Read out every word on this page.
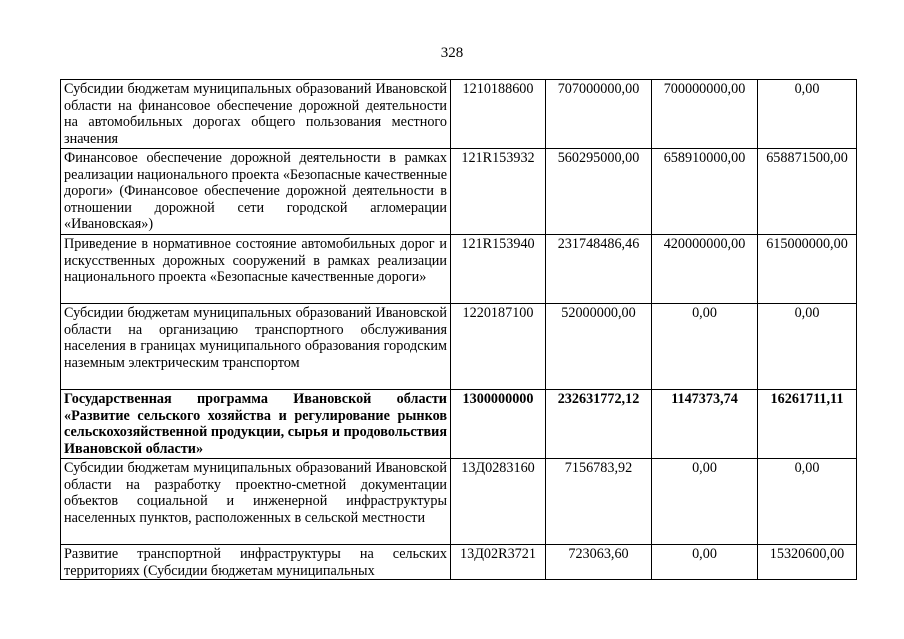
328
Субсидии бюджетам муниципальных образований Ивановской области на финансовое обеспечение дорожной деятельности на автомобильных дорогах общего пользования местного значения	1210188600	707000000,00	700000000,00	0,00
Финансовое обеспечение дорожной деятельности в рамках реализации национального проекта «Безопасные качественные дороги» (Финансовое обеспечение дорожной деятельности в отношении дорожной сети городской агломерации «Ивановская»)	121R153932	560295000,00	658910000,00	658871500,00
Приведение в нормативное состояние автомобильных дорог и искусственных дорожных сооружений в рамках реализации национального проекта «Безопасные качественные дороги»	121R153940	231748486,46	420000000,00	615000000,00
Субсидии бюджетам муниципальных образований Ивановской области на организацию транспортного обслуживания населения в границах муниципального образования городским наземным электрическим транспортом	1220187100	52000000,00	0,00	0,00
Государственная программа Ивановской области «Развитие сельского хозяйства и регулирование рынков сельскохозяйственной продукции, сырья и продовольствия Ивановской области»	1300000000	232631772,12	1147373,74	16261711,11
Субсидии бюджетам муниципальных образований Ивановской области на разработку проектно-сметной документации объектов социальной и инженерной инфраструктуры населенных пунктов, расположенных в сельской местности	13Д0283160	7156783,92	0,00	0,00
Развитие транспортной инфраструктуры на сельских территориях (Субсидии бюджетам муниципальных	13Д02R3721	723063,60	0,00	15320600,00
